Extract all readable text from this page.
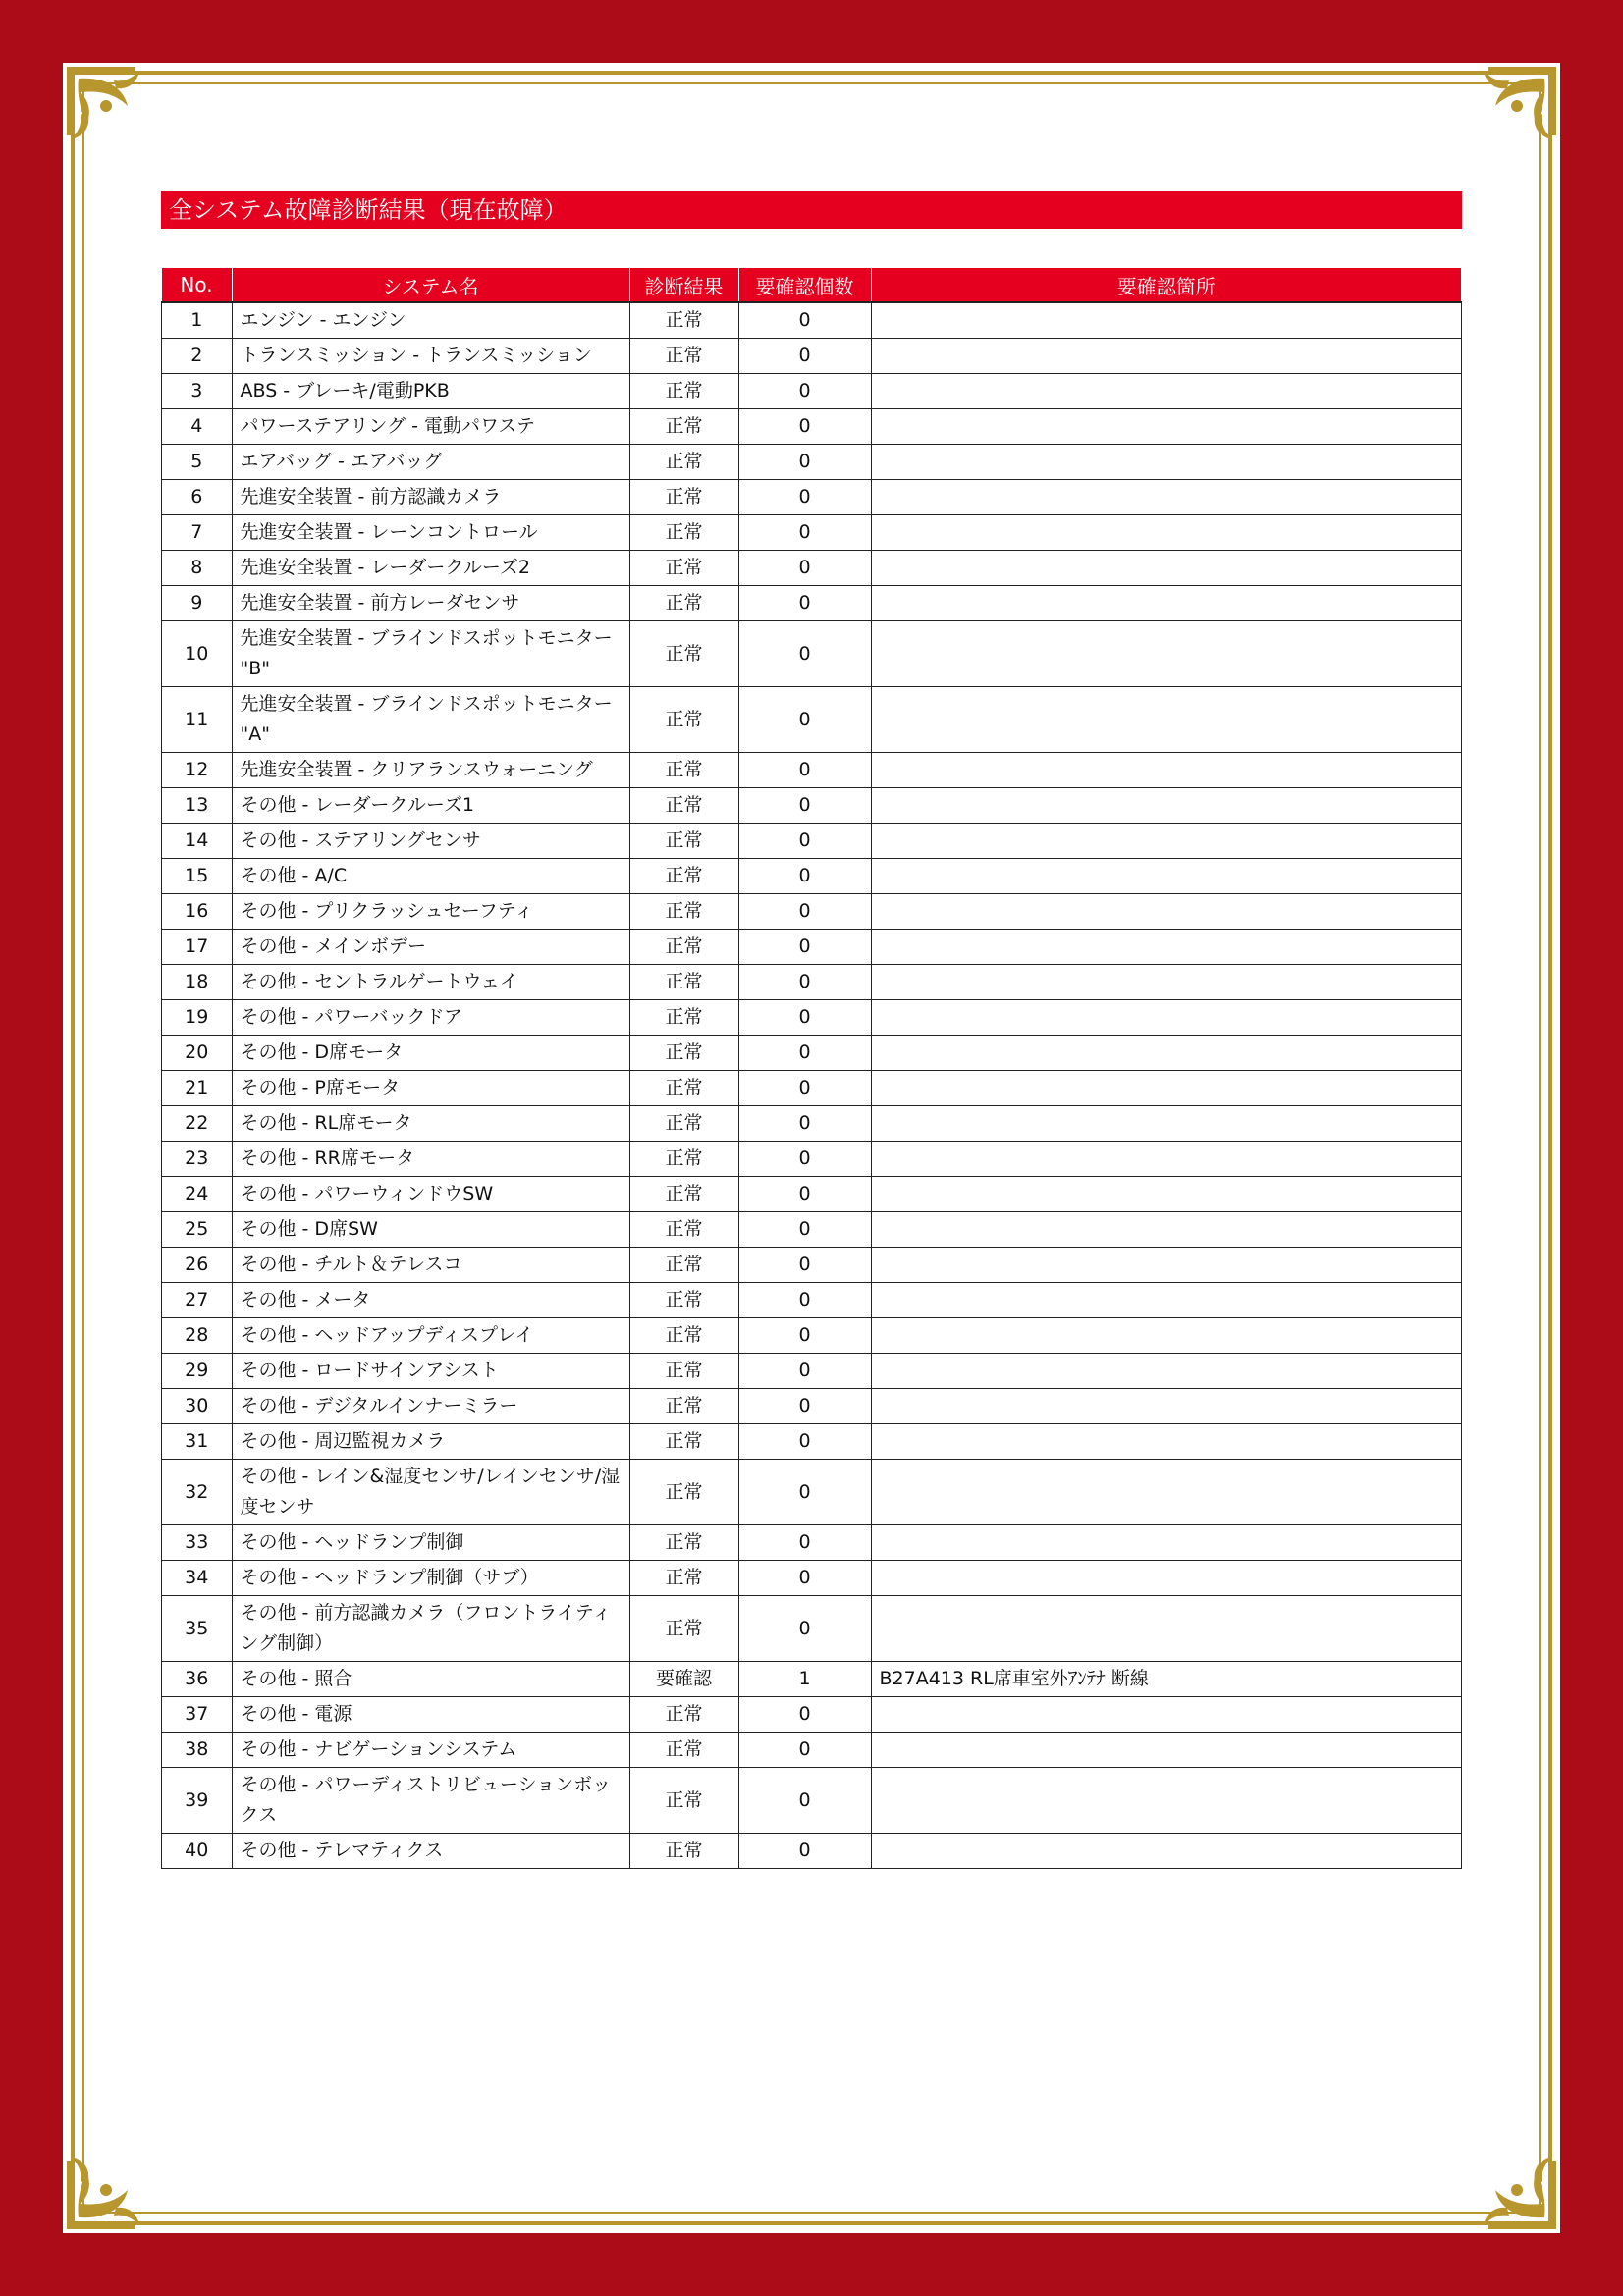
全システム故障診断結果（現在故障）
No.	システム名	診断結果	要確認個数	要確認箇所
1	エンジン - エンジン	正常	0	
2	トランスミッション - トランスミッション	正常	0	
3	ABS - ブレーキ/電動PKB	正常	0	
4	パワーステアリング - 電動パワステ	正常	0	
5	エアバッグ - エアバッグ	正常	0	
6	先進安全装置 - 前方認識カメラ	正常	0	
7	先進安全装置 - レーンコントロール	正常	0	
8	先進安全装置 - レーダークルーズ2	正常	0	
9	先進安全装置 - 前方レーダセンサ	正常	0	
10	先進安全装置 - ブラインドスポットモニター "B"	正常	0	
11	先進安全装置 - ブラインドスポットモニター "A"	正常	0	
12	先進安全装置 - クリアランスウォーニング	正常	0	
13	その他 - レーダークルーズ1	正常	0	
14	その他 - ステアリングセンサ	正常	0	
15	その他 - A/C	正常	0	
16	その他 - プリクラッシュセーフティ	正常	0	
17	その他 - メインボデー	正常	0	
18	その他 - セントラルゲートウェイ	正常	0	
19	その他 - パワーバックドア	正常	0	
20	その他 - D席モータ	正常	0	
21	その他 - P席モータ	正常	0	
22	その他 - RL席モータ	正常	0	
23	その他 - RR席モータ	正常	0	
24	その他 - パワーウィンドウSW	正常	0	
25	その他 - D席SW	正常	0	
26	その他 - チルト＆テレスコ	正常	0	
27	その他 - メータ	正常	0	
28	その他 - ヘッドアップディスプレイ	正常	0	
29	その他 - ロードサインアシスト	正常	0	
30	その他 - デジタルインナーミラー	正常	0	
31	その他 - 周辺監視カメラ	正常	0	
32	その他 - レイン&湿度センサ/レインセンサ/湿度センサ	正常	0	
33	その他 - ヘッドランプ制御	正常	0	
34	その他 - ヘッドランプ制御（サブ）	正常	0	
35	その他 - 前方認識カメラ（フロントライティング制御）	正常	0	
36	その他 - 照合	要確認	1	B27A413 RL席車室外ｱﾝﾃﾅ 断線
37	その他 - 電源	正常	0	
38	その他 - ナビゲーションシステム	正常	0	
39	その他 - パワーディストリビューションボックス	正常	0	
40	その他 - テレマティクス	正常	0	
